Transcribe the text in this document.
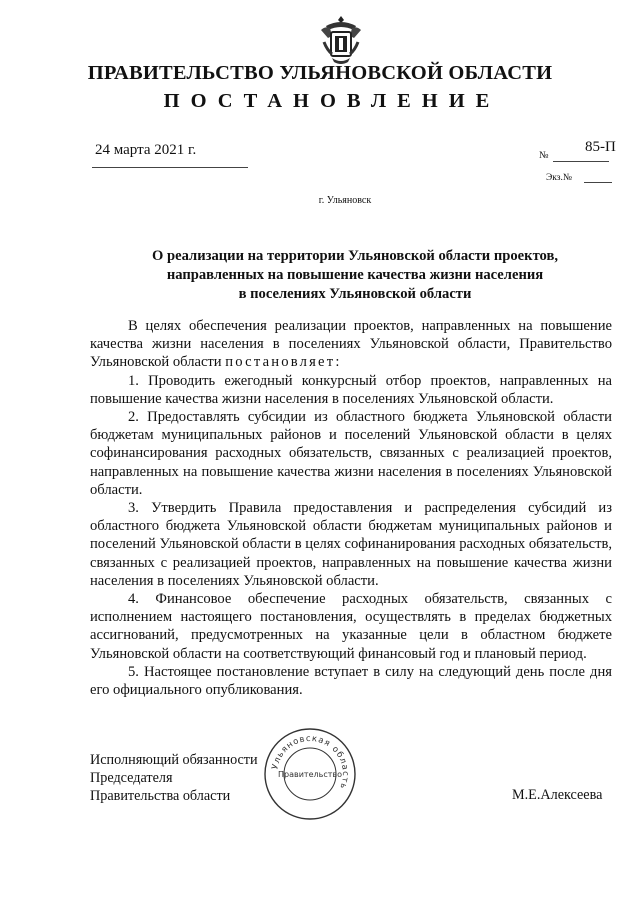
ПРАВИТЕЛЬСТВО УЛЬЯНОВСКОЙ ОБЛАСТИ
ПОСТАНОВЛЕНИЕ
24 марта 2021 г.	№
85-П
Экз.№
г. Ульяновск
О реализации на территории Ульяновской области проектов,
направленных на повышение качества жизни населения
в поселениях Ульяновской области

В целях обеспечения реализации проектов, направленных на повышение качества жизни населения в поселениях Ульяновской области, Правительство Ульяновской области постановляет:

1. Проводить ежегодный конкурсный отбор проектов, направленных на повышение качества жизни населения в поселениях Ульяновской области.

2. Предоставлять субсидии из областного бюджета Ульяновской области бюджетам муниципальных районов и поселений Ульяновской области в целях софинансирования расходных обязательств, связанных с реализацией проектов, направленных на повышение качества жизни населения в поселениях Ульяновской области.

3. Утвердить Правила предоставления и распределения субсидий из областного бюджета Ульяновской области бюджетам муниципальных районов и поселений Ульяновской области в целях софинанирования расходных обязательств, связанных с реализацией проектов, направленных на повышение качества жизни населения в поселениях Ульяновской области.

4. Финансовое обеспечение расходных обязательств, связанных с исполнением настоящего постановления, осуществлять в пределах бюджетных ассигнований, предусмотренных на указанные цели в областном бюджете Ульяновской области на соответствующий финансовый год и плановый период.

5. Настоящее постановление вступает в силу на следующий день после дня его официального опубликования.

Исполняющий обязанности
Председателя
Правительства области	М.Е.Алексеева
Ульяновская область
Правительство
